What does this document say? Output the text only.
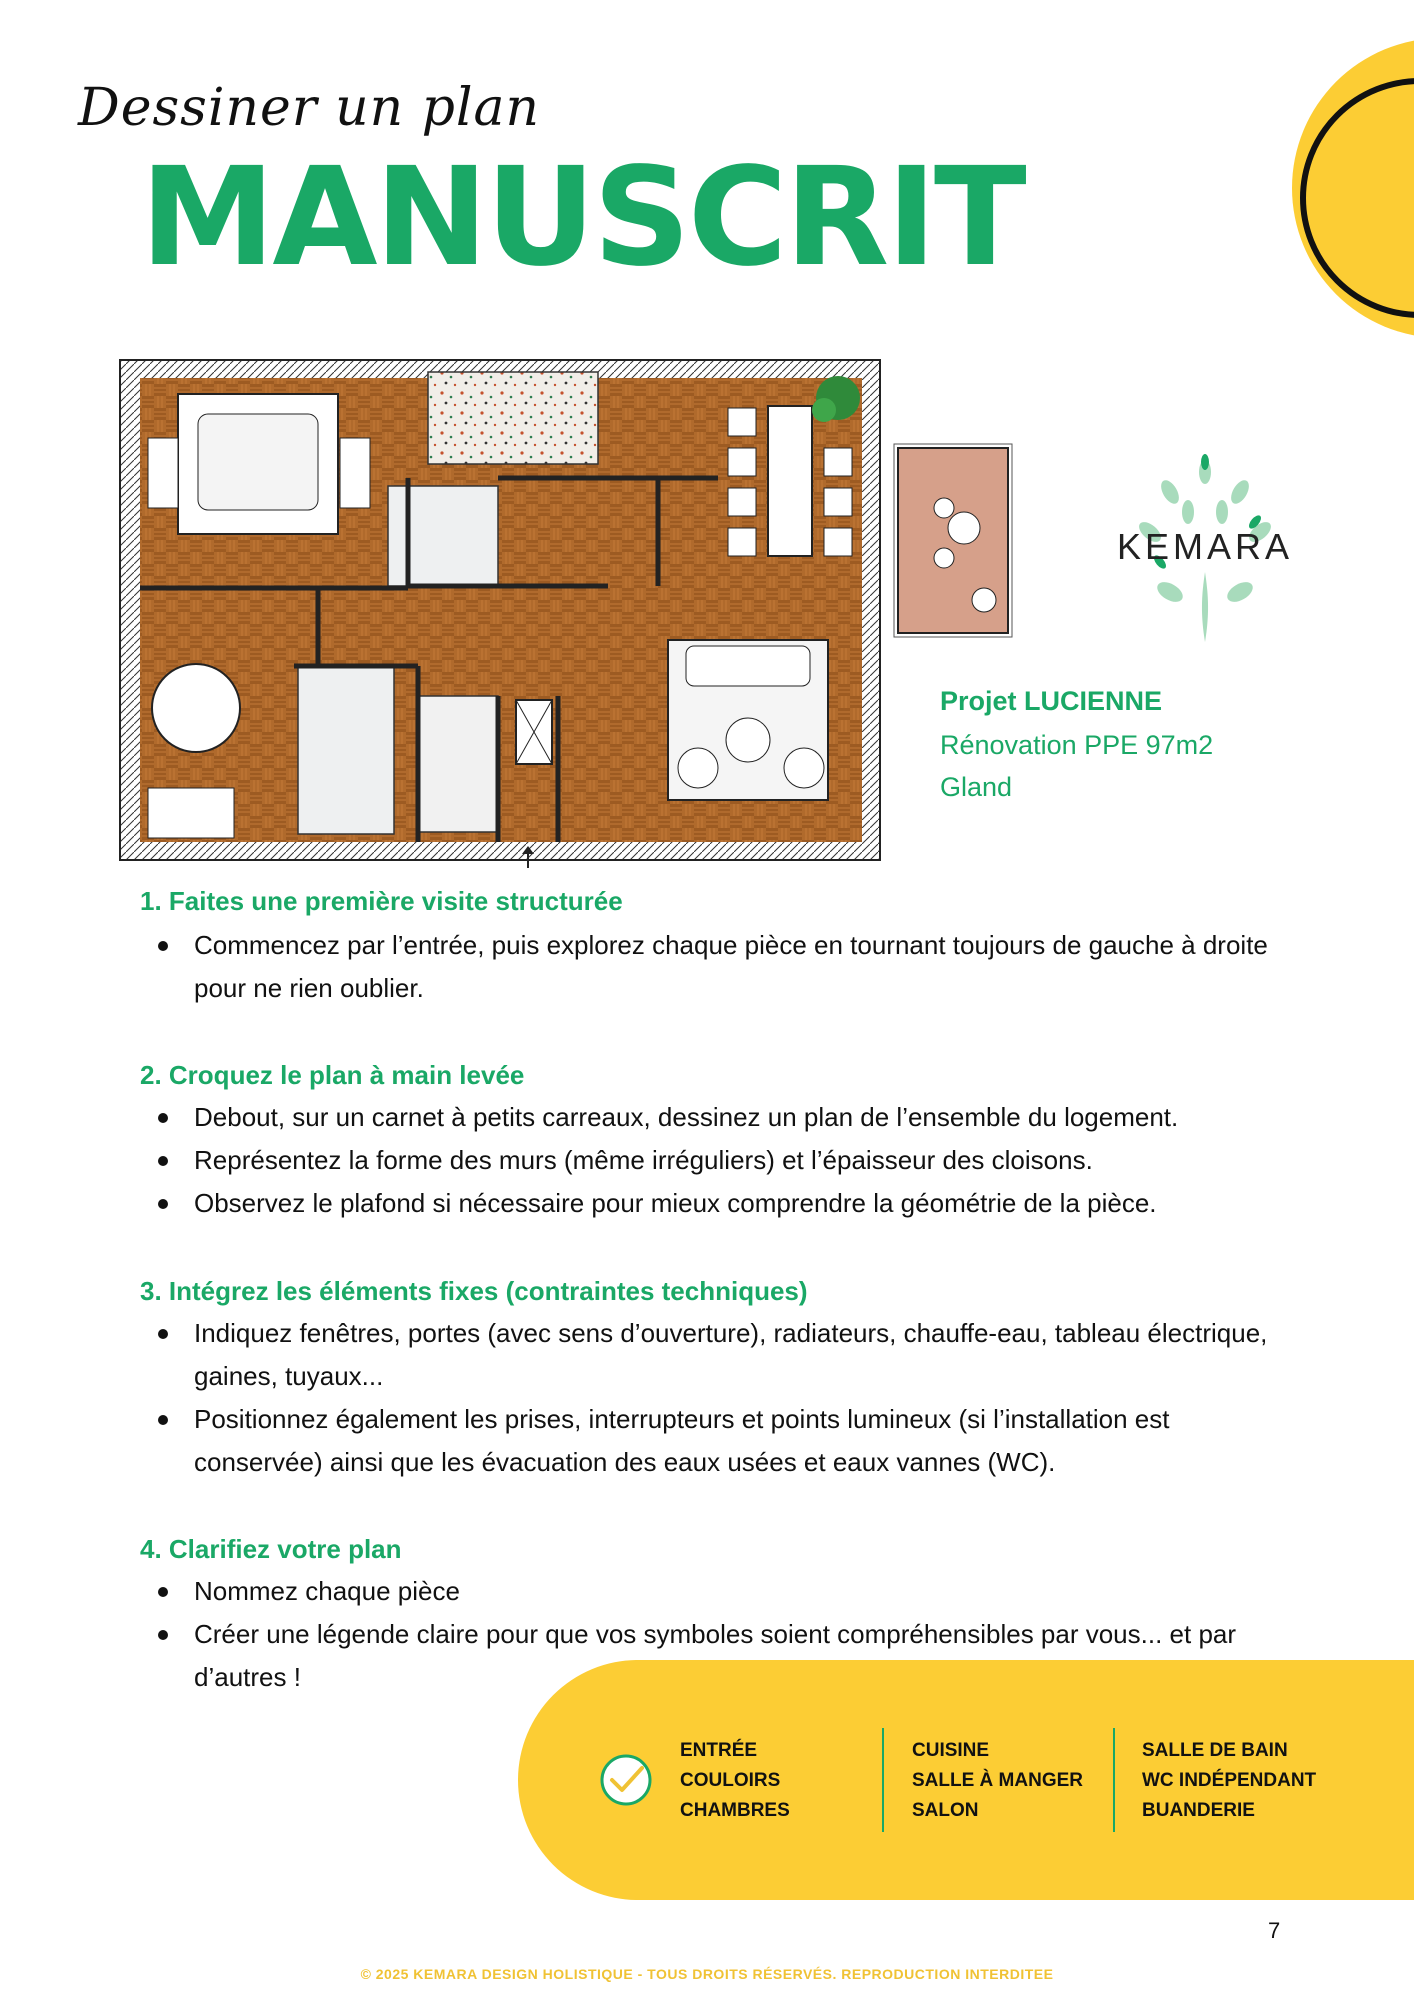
Dessiner un plan
MANUSCRIT
KEMARA
Projet LUCIENNE
Rénovation PPE 97m2
Gland
1. Faites une première visite structurée
Commencez par l’entrée, puis explorez chaque pièce en tournant toujours de gauche à droite pour ne rien oublier.
2. Croquez le plan à main levée
Debout, sur un carnet à petits carreaux, dessinez un plan de l’ensemble du logement.
Représentez la forme des murs (même irréguliers) et l’épaisseur des cloisons.
Observez le plafond si nécessaire pour mieux comprendre la géométrie de la pièce.
3. Intégrez les éléments fixes (contraintes techniques)
Indiquez fenêtres, portes (avec sens d’ouverture), radiateurs, chauffe-eau, tableau électrique, gaines, tuyaux...
Positionnez également les prises, interrupteurs et points lumineux (si l’installation est conservée) ainsi que les évacuation des eaux usées et eaux vannes (WC).
4. Clarifiez votre plan
Nommez chaque pièce
Créer une légende claire pour que vos symboles soient compréhensibles par vous... et par d’autres !
ENTRÉE
COULOIRS
CHAMBRES
CUISINE
SALLE À MANGER
SALON
SALLE DE BAIN
WC INDÉPENDANT
BUANDERIE
7
© 2025 KEMARA DESIGN HOLISTIQUE - TOUS DROITS RÉSERVÉS. REPRODUCTION INTERDITEE
